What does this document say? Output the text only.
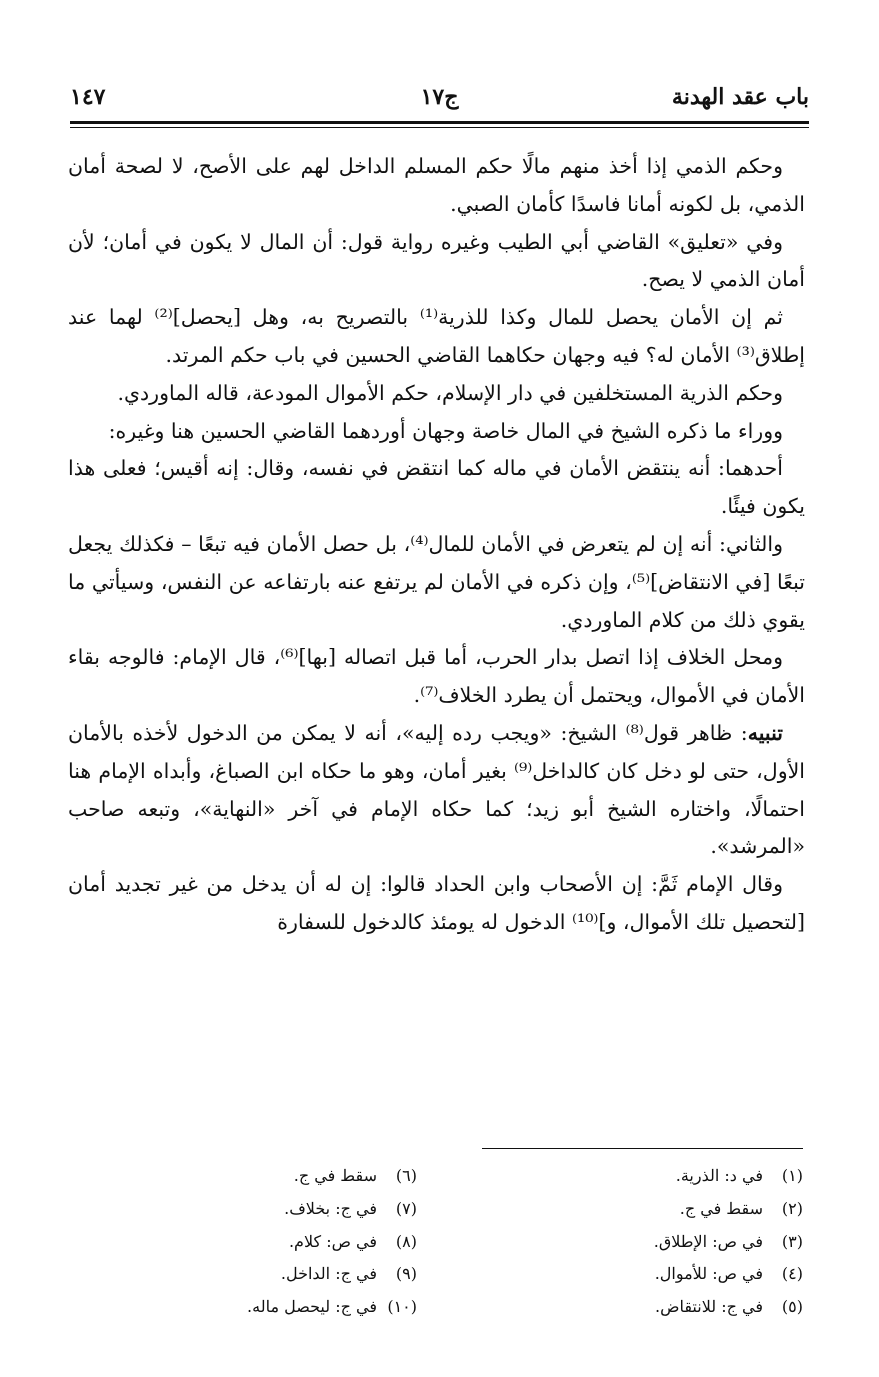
باب عقد الهدنة
ج١٧
١٤٧

وحكم الذمي إذا أخذ منهم مالًا حكم المسلم الداخل لهم على الأصح، لا لصحة أمان الذمي، بل لكونه أمانا فاسدًا كأمان الصبي.

وفي «تعليق» القاضي أبي الطيب وغيره رواية قول: أن المال لا يكون في أمان؛ لأن أمان الذمي لا يصح.

ثم إن الأمان يحصل للمال وكذا للذرية⁽¹⁾ بالتصريح به، وهل [يحصل]⁽²⁾ لهما عند إطلاق⁽³⁾ الأمان له؟ فيه وجهان حكاهما القاضي الحسين في باب حكم المرتد.

وحكم الذرية المستخلفين في دار الإسلام، حكم الأموال المودعة، قاله الماوردي.

ووراء ما ذكره الشيخ في المال خاصة وجهان أوردهما القاضي الحسين هنا وغيره:

أحدهما: أنه ينتقض الأمان في ماله كما انتقض في نفسه، وقال: إنه أقيس؛ فعلى هذا يكون فيئًا.

والثاني: أنه إن لم يتعرض في الأمان للمال⁽⁴⁾، بل حصل الأمان فيه تبعًا – فكذلك يجعل تبعًا [في الانتقاض]⁽⁵⁾، وإن ذكره في الأمان لم يرتفع عنه بارتفاعه عن النفس، وسيأتي ما يقوي ذلك من كلام الماوردي.

ومحل الخلاف إذا اتصل بدار الحرب، أما قبل اتصاله [بها]⁽⁶⁾، قال الإمام: فالوجه بقاء الأمان في الأموال، ويحتمل أن يطرد الخلاف⁽⁷⁾.

تنبيه: ظاهر قول⁽⁸⁾ الشيخ: «ويجب رده إليه»، أنه لا يمكن من الدخول لأخذه بالأمان الأول، حتى لو دخل كان كالداخل⁽⁹⁾ بغير أمان، وهو ما حكاه ابن الصباغ، وأبداه الإمام هنا احتمالًا، واختاره الشيخ أبو زيد؛ كما حكاه الإمام في آخر «النهاية»، وتبعه صاحب «المرشد».

وقال الإمام ثَمَّ: إن الأصحاب وابن الحداد قالوا: إن له أن يدخل من غير تجديد أمان [لتحصيل تلك الأموال، و]⁽¹⁰⁾ الدخول له يومئذ كالدخول للسفارة

(١)في د: الذرية.
(٢)سقط في ج.
(٣)في ص: الإطلاق.
(٤)في ص: للأموال.
(٥)في ج: للانتقاض.
(٦)سقط في ج.
(٧)في ج: بخلاف.
(٨)في ص: كلام.
(٩)في ج: الداخل.
(١٠)في ج: ليحصل ماله.
